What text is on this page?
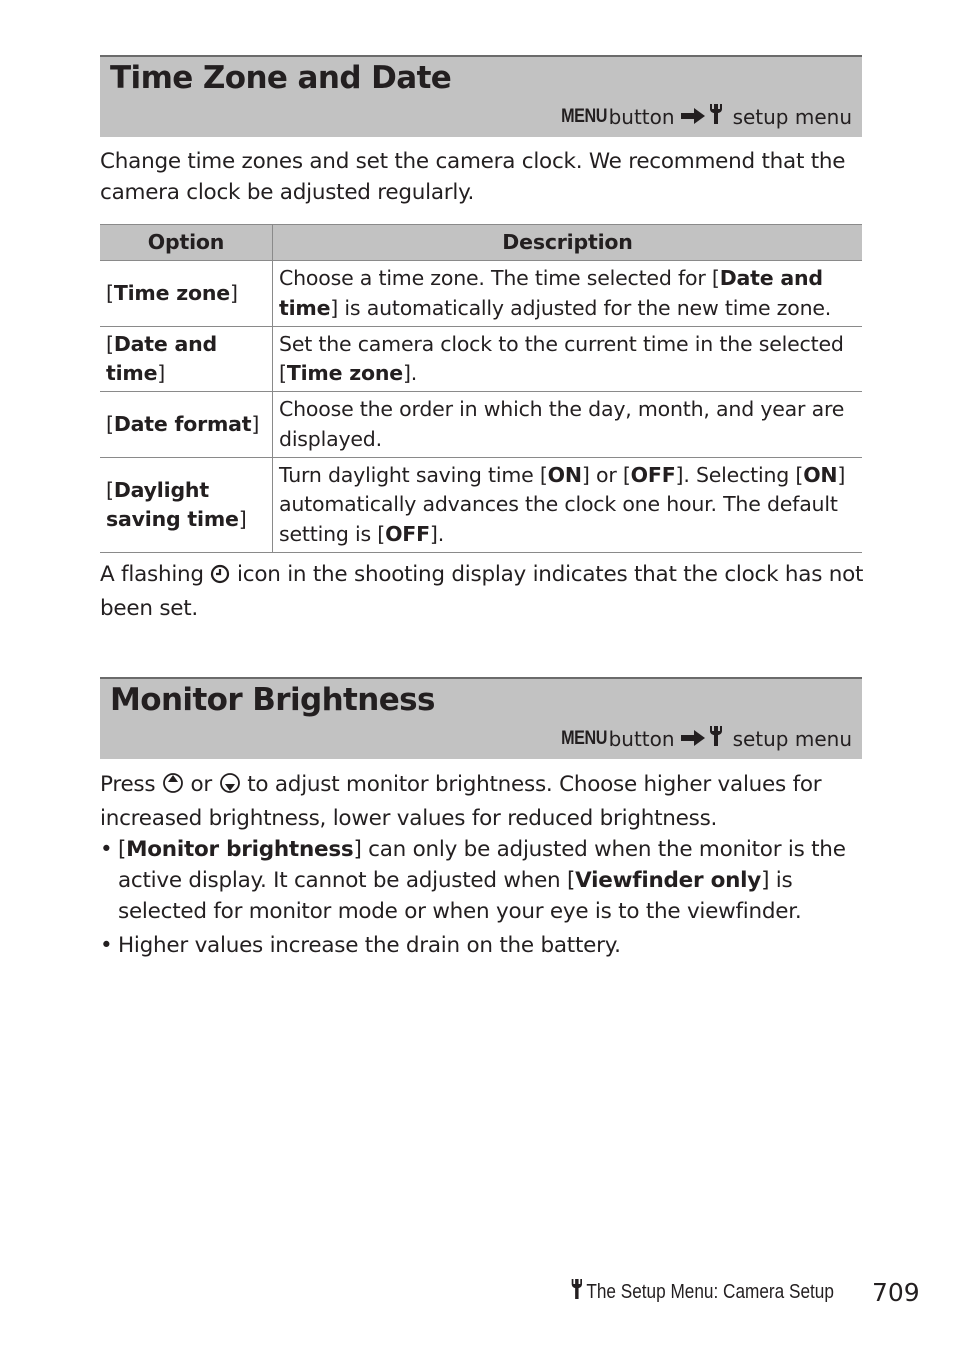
Time Zone and Date
MENU button	setup menu
Change time zones and set the camera clock. We recommend that the camera clock be adjusted regularly.
Option	Description
[Time zone]	Choose a time zone. The time selected for [Date and time] is automatically adjusted for the new time zone.
[Date and
time]	Set the camera clock to the current time in the selected [Time zone].
[Date format]	Choose the order in which the day, month, and year are displayed.
[Daylight
saving time]	Turn daylight saving time [ON] or [OFF]. Selecting [ON] automatically advances the clock one hour. The default setting is [OFF].
A flashing icon in the shooting display indicates that the clock has not been set.
Monitor Brightness
MENU button	setup menu
Press or to adjust monitor brightness. Choose higher values for increased brightness, lower values for reduced brightness.
• [Monitor brightness] can only be adjusted when the monitor is the active display. It cannot be adjusted when [Viewfinder only] is selected for monitor mode or when your eye is to the viewfinder.
• Higher values increase the drain on the battery.
The Setup Menu: Camera Setup 709
